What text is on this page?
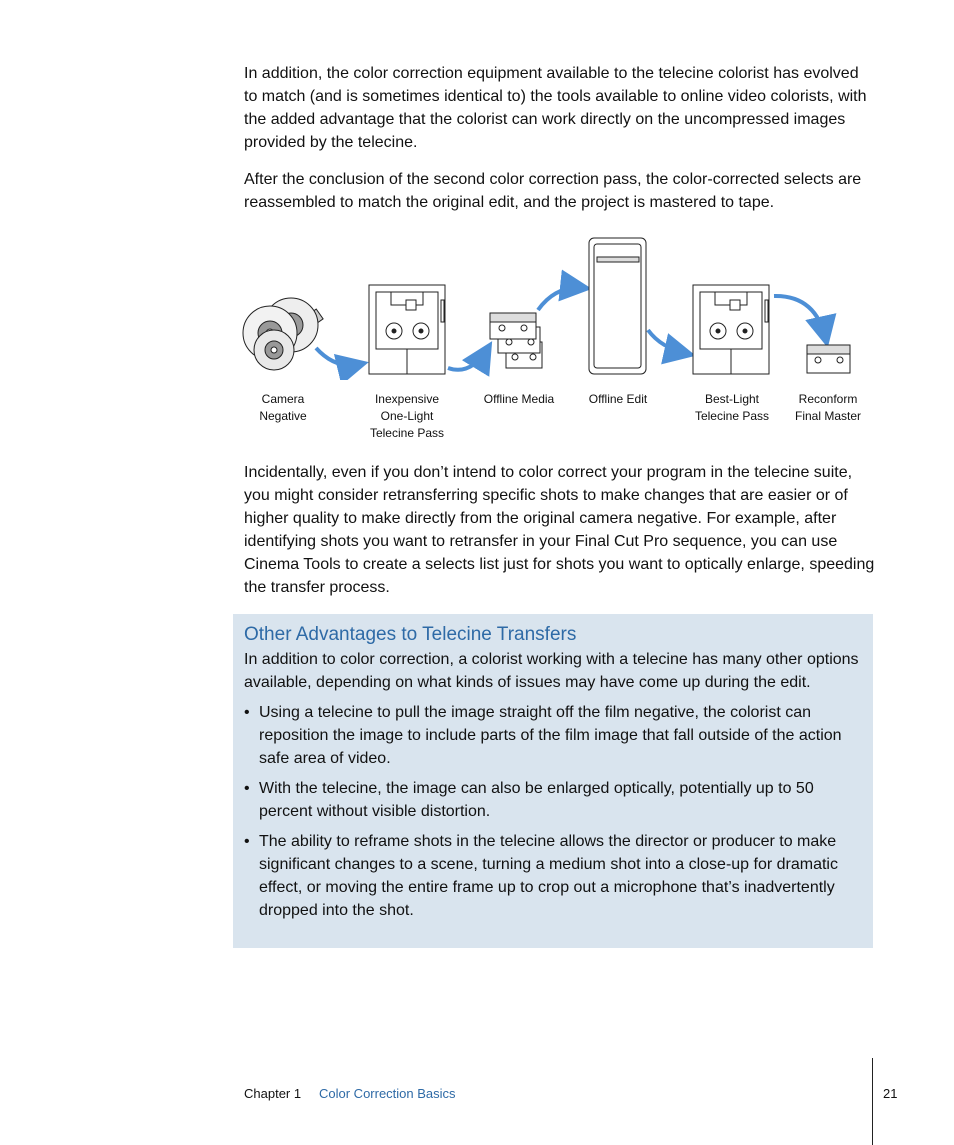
In addition, the color correction equipment available to the telecine colorist has evolved to match (and is sometimes identical to) the tools available to online video colorists, with the added advantage that the colorist can work directly on the uncompressed images provided by the telecine.

After the conclusion of the second color correction pass, the color-corrected selects are reassembled to match the original edit, and the project is mastered to tape.

Camera
Negative
Inexpensive
One-Light
Telecine Pass
Offline Media	Offline Edit	Best-Light
Telecine Pass
Reconform
Final Master

Incidentally, even if you don’t intend to color correct your program in the telecine suite, you might consider retransferring specific shots to make changes that are easier or of higher quality to make directly from the original camera negative. For example, after identifying shots you want to retransfer in your Final Cut Pro sequence, you can use Cinema Tools to create a selects list just for shots you want to optically enlarge, speeding the transfer process.

Other Advantages to Telecine Transfers

In addition to color correction, a colorist working with a telecine has many other options available, depending on what kinds of issues may have come up during the edit.

• Using a telecine to pull the image straight off the film negative, the colorist can reposition the image to include parts of the film image that fall outside of the action safe area of video.
• With the telecine, the image can also be enlarged optically, potentially up to 50 percent without visible distortion.
• The ability to reframe shots in the telecine allows the director or producer to make significant changes to a scene, turning a medium shot into a close-up for dramatic effect, or moving the entire frame up to crop out a microphone that’s inadvertently dropped into the shot.
Chapter 1 Color Correction Basics	21
